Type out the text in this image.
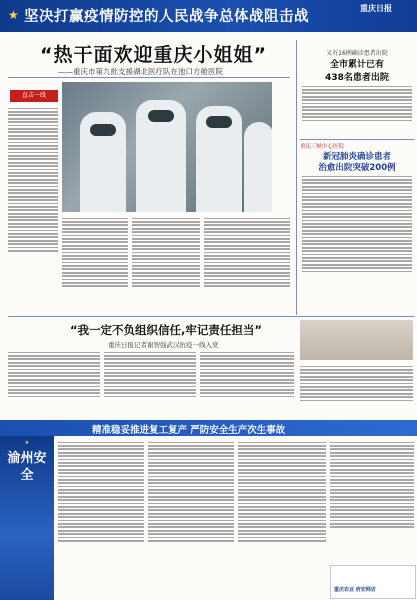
★ 坚决打赢疫情防控的人民战争总体战阻击战
重庆日报
“热干面欢迎重庆小姐姐”
——重庆市第九批支援湖北医疗队在池口方舱医院
直击一线
又有16例确诊患者出院
全市累计已有
438名患者出院
重庆三峡中心医院
新冠肺炎确诊患者
治愈出院突破200例
“我一定不负组织信任,牢记责任担当”
重庆日报记者谢智强武汉抗疫一线入党
精准稳妥推进复工复产 严防安全生产次生事故
★
渝州安全
重庆农业 府安网店
